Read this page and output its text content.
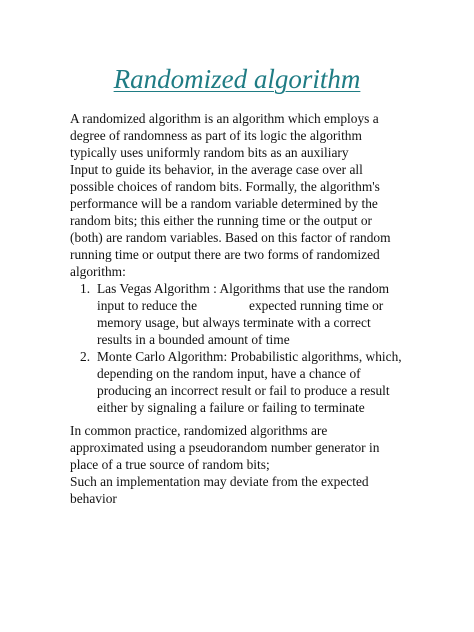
Randomized algorithm
A randomized algorithm is an algorithm which employs a
degree of randomness as part of its logic the algorithm
typically uses uniformly random bits as an auxiliary
Input to guide its behavior, in the average case over all
possible choices of random bits. Formally, the algorithm's
performance will be a random variable determined by the
random bits; this either the running time or the output or
(both) are random variables. Based on this factor of random
running time or output there are two forms of randomized
algorithm:
1. Las Vegas Algorithm : Algorithms that use the random
input to reduce the	expected running time or
memory usage, but always terminate with a correct
results in a bounded amount of time
2. Monte Carlo Algorithm: Probabilistic algorithms, which,
depending on the random input, have a chance of
producing an incorrect result or fail to produce a result
either by signaling a failure or failing to terminate
In common practice, randomized algorithms are
approximated using a pseudorandom number generator in
place of a true source of random bits;
Such an implementation may deviate from the expected
behavior
